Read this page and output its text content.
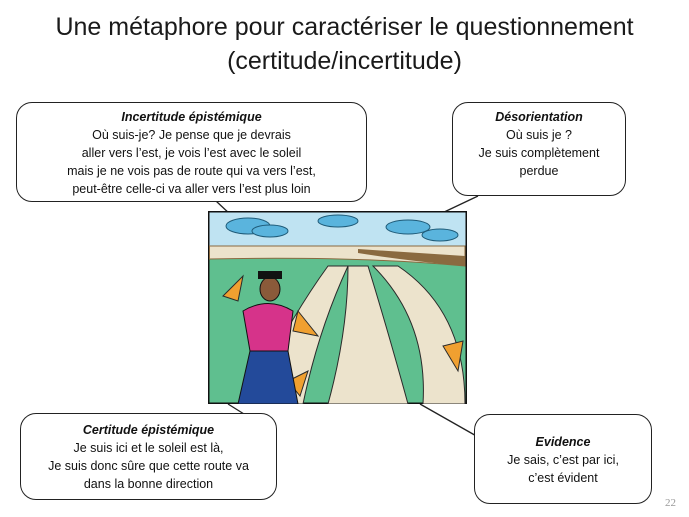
Une métaphore pour caractériser le questionnement
(certitude/incertitude)
Incertitude épistémique
Où suis-je? Je pense que je devrais
aller vers l’est, je vois l’est avec le soleil
mais je ne vois pas de route qui va vers l’est,
peut-être celle-ci va aller vers l’est plus loin
Désorientation
Où suis je ?
Je suis complètement
perdue
Certitude épistémique
Je suis ici et le soleil est là,
Je suis donc sûre que cette route va
dans la bonne direction
Evidence
Je sais, c’est par ici,
c’est évident
22
